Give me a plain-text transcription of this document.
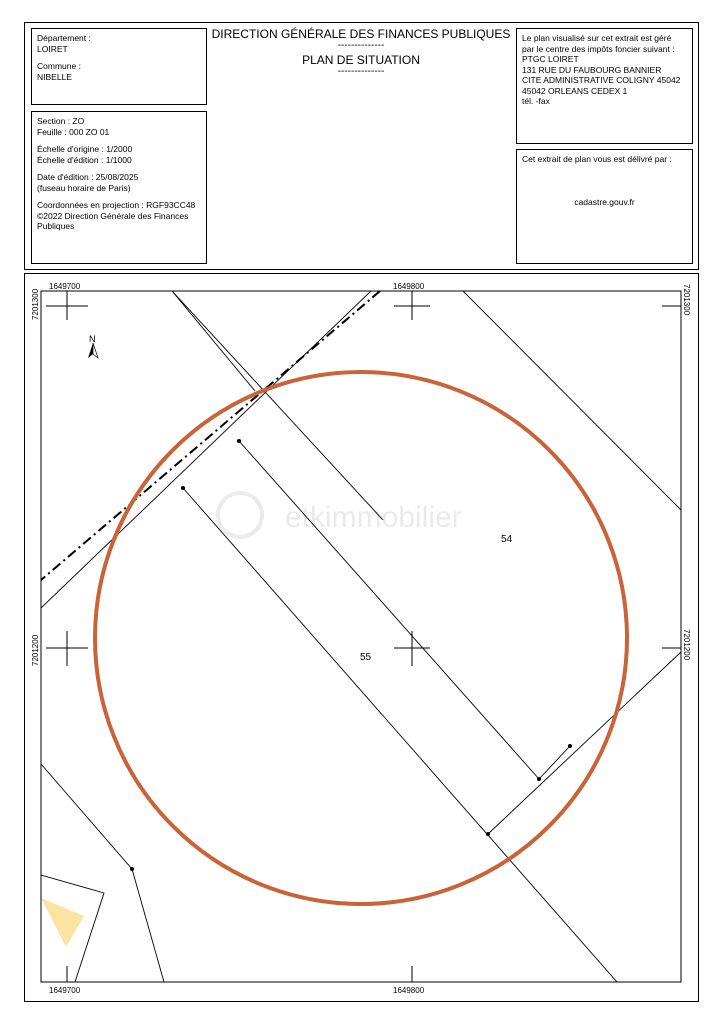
Département :
LOIRET
Commune :
NIBELLE
DIRECTION GÉNÉRALE DES FINANCES PUBLIQUES
--------------
PLAN DE SITUATION
--------------
Section : ZO
Feuille : 000 ZO 01
Échelle d'origine : 1/2000
Échelle d'édition : 1/1000
Date d'édition : 25/08/2025
(fuseau horaire de Paris)
Coordonnées en projection : RGF93CC48
©2022 Direction Générale des Finances
Publiques
Le plan visualisé sur cet extrait est géré
par le centre des impôts foncier suivant :
PTGC LOIRET
131 RUE DU FAUBOURG BANNIER
CITE ADMINISTRATIVE COLIGNY 45042
45042 ORLEANS CEDEX 1
tél. -fax
Cet extrait de plan vous est délivré par :
cadastre.gouv.fr
etkimmobilier
N
54
55
1649700	1649800
1649700	1649800
7201300
7201200
7201300
7201200
